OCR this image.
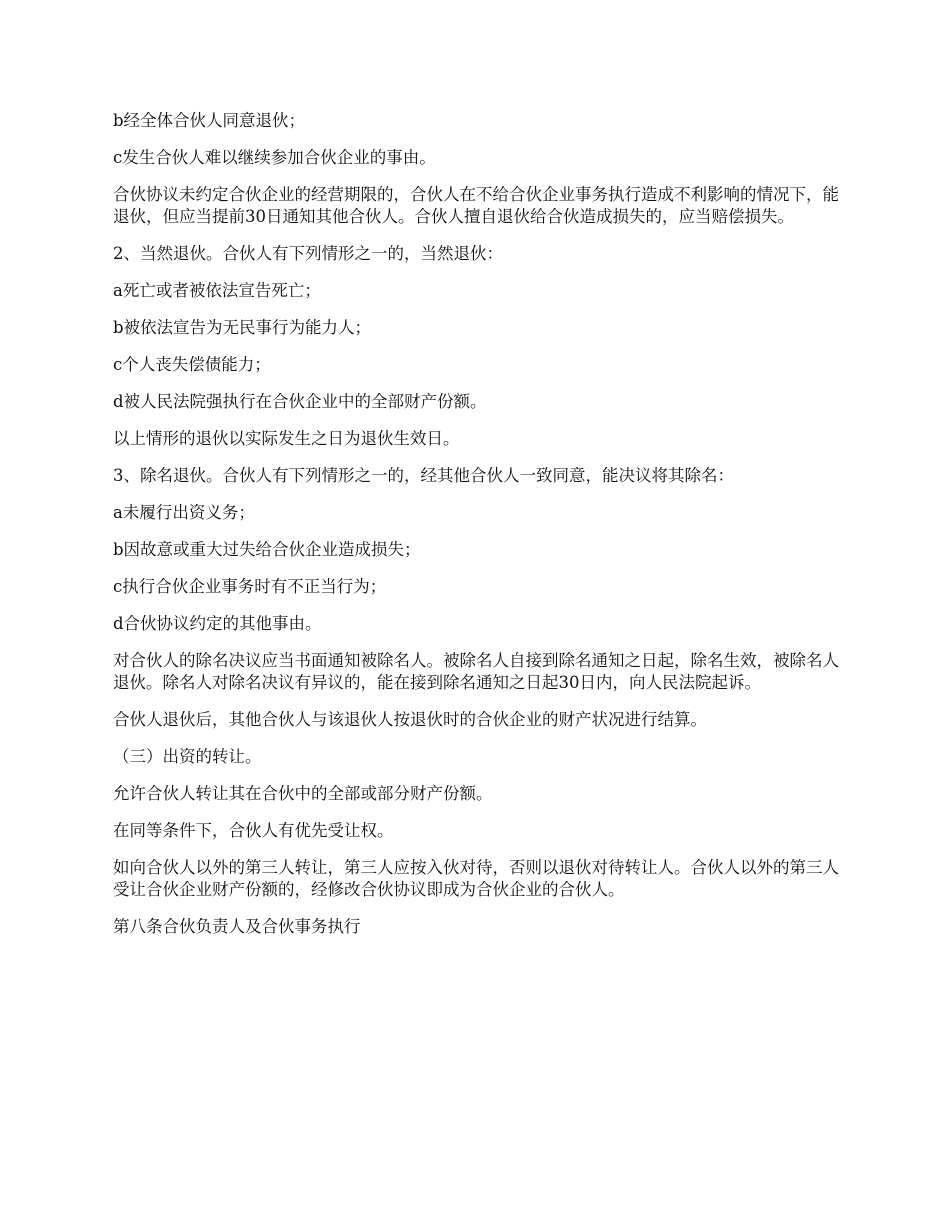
b经全体合伙人同意退伙；

c发生合伙人难以继续参加合伙企业的事由。

合伙协议未约定合伙企业的经营期限的，合伙人在不给合伙企业事务执行造成不利影响的情况下，能退伙，但应当提前30日通知其他合伙人。合伙人擅自退伙给合伙造成损失的，应当赔偿损失。

2、当然退伙。合伙人有下列情形之一的，当然退伙：

a死亡或者被依法宣告死亡；

b被依法宣告为无民事行为能力人；

c个人丧失偿债能力；

d被人民法院强执行在合伙企业中的全部财产份额。

以上情形的退伙以实际发生之日为退伙生效日。

3、除名退伙。合伙人有下列情形之一的，经其他合伙人一致同意，能决议将其除名：

a未履行出资义务；

b因故意或重大过失给合伙企业造成损失；

c执行合伙企业事务时有不正当行为；

d合伙协议约定的其他事由。

对合伙人的除名决议应当书面通知被除名人。被除名人自接到除名通知之日起，除名生效，被除名人退伙。除名人对除名决议有异议的，能在接到除名通知之日起30日内，向人民法院起诉。

合伙人退伙后，其他合伙人与该退伙人按退伙时的合伙企业的财产状况进行结算。

（三）出资的转让。

允许合伙人转让其在合伙中的全部或部分财产份额。

在同等条件下，合伙人有优先受让权。

如向合伙人以外的第三人转让，第三人应按入伙对待，否则以退伙对待转让人。合伙人以外的第三人受让合伙企业财产份额的，经修改合伙协议即成为合伙企业的合伙人。

第八条合伙负责人及合伙事务执行
